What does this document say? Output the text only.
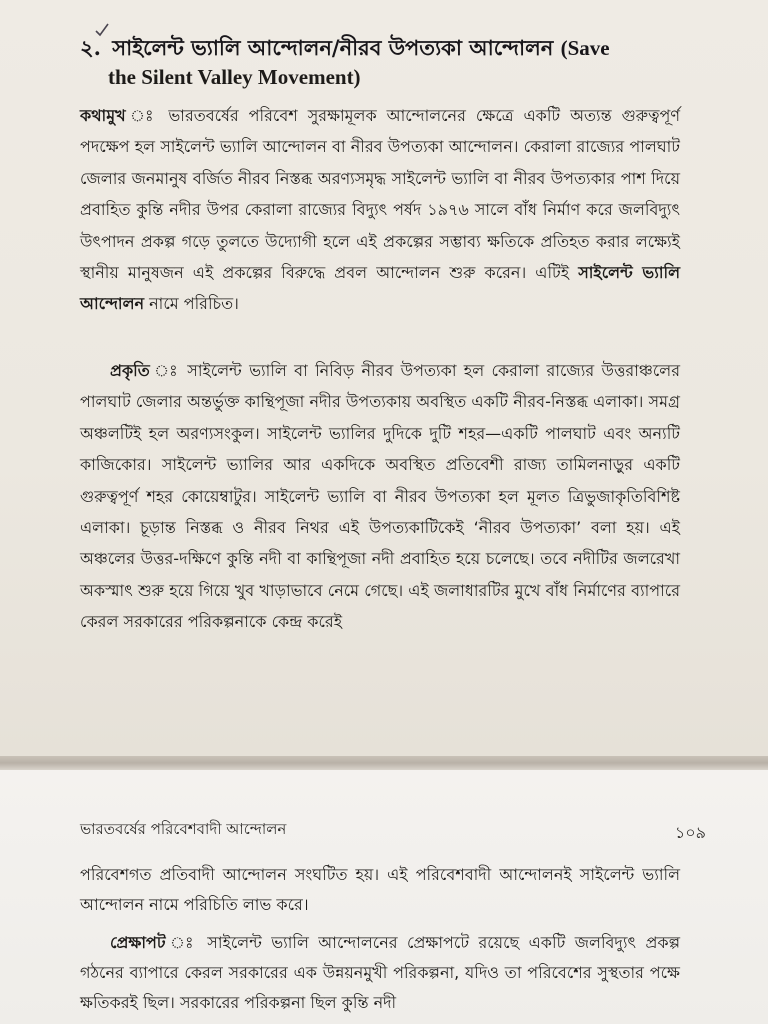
২. সাইলেন্ট ভ্যালি আন্দোলন/নীরব উপত্যকা আন্দোলন (Save
the Silent Valley Movement)
কথামুখ ঃ ভারতবর্ষের পরিবেশ সুরক্ষামূলক আন্দোলনের ক্ষেত্রে একটি অত্যন্ত গুরুত্বপূর্ণ পদক্ষেপ হল সাইলেন্ট ভ্যালি আন্দোলন বা নীরব উপত্যকা আন্দোলন। কেরালা রাজ্যের পালঘাট জেলার জনমানুষ বর্জিত নীরব নিস্তব্ধ অরণ্যসমৃদ্ধ সাইলেন্ট ভ্যালি বা নীরব উপত্যকার পাশ দিয়ে প্রবাহিত কুন্তি নদীর উপর কেরালা রাজ্যের বিদ্যুৎ পর্ষদ ১৯৭৬ সালে বাঁধ নির্মাণ করে জলবিদ্যুৎ উৎপাদন প্রকল্প গড়ে তুলতে উদ্যোগী হলে এই প্রকল্পের সম্ভাব্য ক্ষতিকে প্রতিহত করার লক্ষ্যেই স্থানীয় মানুষজন এই প্রকল্পের বিরুদ্ধে প্রবল আন্দোলন শুরু করেন। এটিই সাইলেন্ট ভ্যালি আন্দোলন নামে পরিচিত।
প্রকৃতি ঃ সাইলেন্ট ভ্যালি বা নিবিড় নীরব উপত্যকা হল কেরালা রাজ্যের উত্তরাঞ্চলের পালঘাট জেলার অন্তর্ভুক্ত কান্থিপূজা নদীর উপত্যকায় অবস্থিত একটি নীরব-নিস্তব্ধ এলাকা। সমগ্র অঞ্চলটিই হল অরণ্যসংকুল। সাইলেন্ট ভ্যালির দুদিকে দুটি শহর—একটি পালঘাট এবং অন্যটি কাজিকোর। সাইলেন্ট ভ্যালির আর একদিকে অবস্থিত প্রতিবেশী রাজ্য তামিলনাড়ুর একটি গুরুত্বপূর্ণ শহর কোয়েম্বাটুর। সাইলেন্ট ভ্যালি বা নীরব উপত্যকা হল মূলত ত্রিভুজাকৃতিবিশিষ্ট এলাকা। চূড়ান্ত নিস্তব্ধ ও নীরব নিথর এই উপত্যকাটিকেই ‘নীরব উপত্যকা’ বলা হয়। এই অঞ্চলের উত্তর-দক্ষিণে কুন্তি নদী বা কান্থিপূজা নদী প্রবাহিত হয়ে চলেছে। তবে নদীটির জলরেখা অকস্মাৎ শুরু হয়ে গিয়ে খুব খাড়াভাবে নেমে গেছে। এই জলাধারটির মুখে বাঁধ নির্মাণের ব্যাপারে কেরল সরকারের পরিকল্পনাকে কেন্দ্র করেই
ভারতবর্ষের পরিবেশবাদী আন্দোলন	১০৯
পরিবেশগত প্রতিবাদী আন্দোলন সংঘটিত হয়। এই পরিবেশবাদী আন্দোলনই সাইলেন্ট ভ্যালি আন্দোলন নামে পরিচিতি লাভ করে।
প্রেক্ষাপট ঃ সাইলেন্ট ভ্যালি আন্দোলনের প্রেক্ষাপটে রয়েছে একটি জলবিদ্যুৎ প্রকল্প গঠনের ব্যাপারে কেরল সরকারের এক উন্নয়নমুখী পরিকল্পনা, যদিও তা পরিবেশের সুস্থতার পক্ষে ক্ষতিকরই ছিল। সরকারের পরিকল্পনা ছিল কুন্তি নদী
